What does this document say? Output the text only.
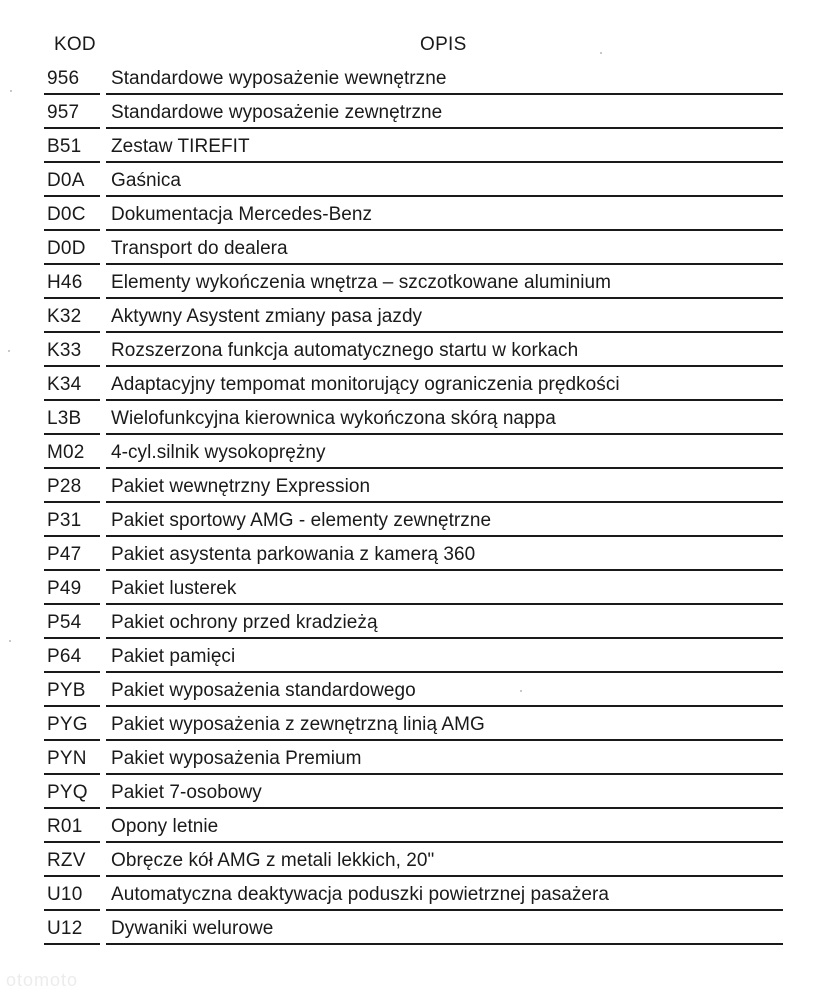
KOD	OPIS
956 Standardowe wyposażenie wewnętrzne
957 Standardowe wyposażenie zewnętrzne
B51 Zestaw TIREFIT
D0A Gaśnica
D0C Dokumentacja Mercedes-Benz
D0D Transport do dealera
H46 Elementy wykończenia wnętrza – szczotkowane aluminium
K32 Aktywny Asystent zmiany pasa jazdy
K33 Rozszerzona funkcja automatycznego startu w korkach
K34 Adaptacyjny tempomat monitorujący ograniczenia prędkości
L3B Wielofunkcyjna kierownica wykończona skórą nappa
M02 4-cyl.silnik wysokoprężny
P28 Pakiet wewnętrzny Expression
P31 Pakiet sportowy AMG - elementy zewnętrzne
P47 Pakiet asystenta parkowania z kamerą 360
P49 Pakiet lusterek
P54 Pakiet ochrony przed kradzieżą
P64 Pakiet pamięci
PYB Pakiet wyposażenia standardowego
PYG Pakiet wyposażenia z zewnętrzną linią AMG
PYN Pakiet wyposażenia Premium
PYQ Pakiet 7-osobowy
R01 Opony letnie
RZV Obręcze kół AMG z metali lekkich, 20"
U10 Automatyczna deaktywacja poduszki powietrznej pasażera
U12 Dywaniki welurowe
otomoto
